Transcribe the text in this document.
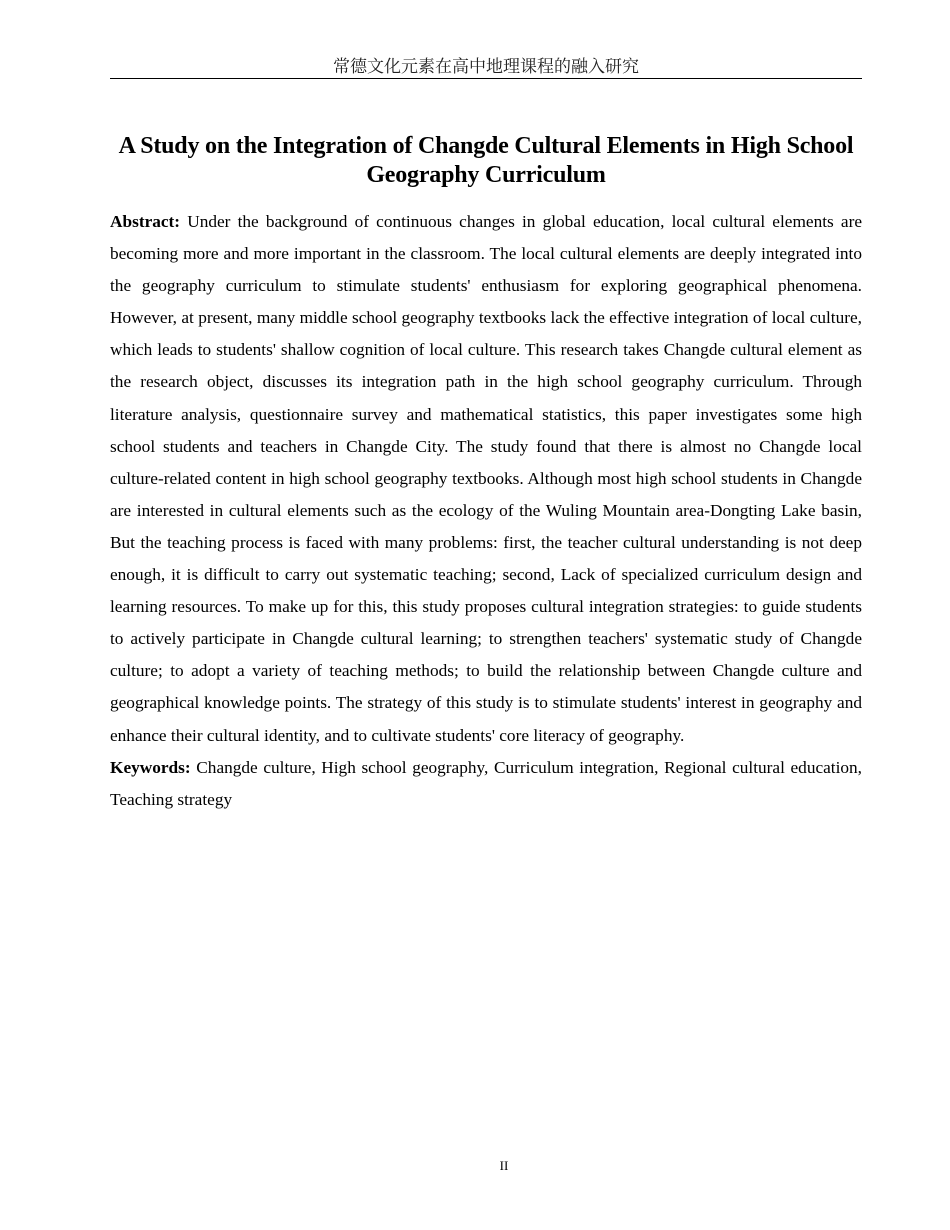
常德文化元素在高中地理课程的融入研究
A Study on the Integration of Changde Cultural Elements in High School Geography Curriculum

Abstract: Under the background of continuous changes in global education, local cultural elements are becoming more and more important in the classroom. The local cultural elements are deeply integrated into the geography curriculum to stimulate students' enthusiasm for exploring geographical phenomena. However, at present, many middle school geography textbooks lack the effective integration of local culture, which leads to students' shallow cognition of local culture. This research takes Changde cultural element as the research object, discusses its integration path in the high school geography curriculum. Through literature analysis, questionnaire survey and mathematical statistics, this paper investigates some high school students and teachers in Changde City. The study found that there is almost no Changde local culture-related content in high school geography textbooks. Although most high school students in Changde are interested in cultural elements such as the ecology of the Wuling Mountain area-Dongting Lake basin, But the teaching process is faced with many problems: first, the teacher cultural understanding is not deep enough, it is difficult to carry out systematic teaching; second, Lack of specialized curriculum design and learning resources. To make up for this, this study proposes cultural integration strategies: to guide students to actively participate in Changde cultural learning; to strengthen teachers' systematic study of Changde culture; to adopt a variety of teaching methods; to build the relationship between Changde culture and geographical knowledge points. The strategy of this study is to stimulate students' interest in geography and enhance their cultural identity, and to cultivate students' core literacy of geography.

Keywords: Changde culture, High school geography, Curriculum integration, Regional cultural education, Teaching strategy

II
